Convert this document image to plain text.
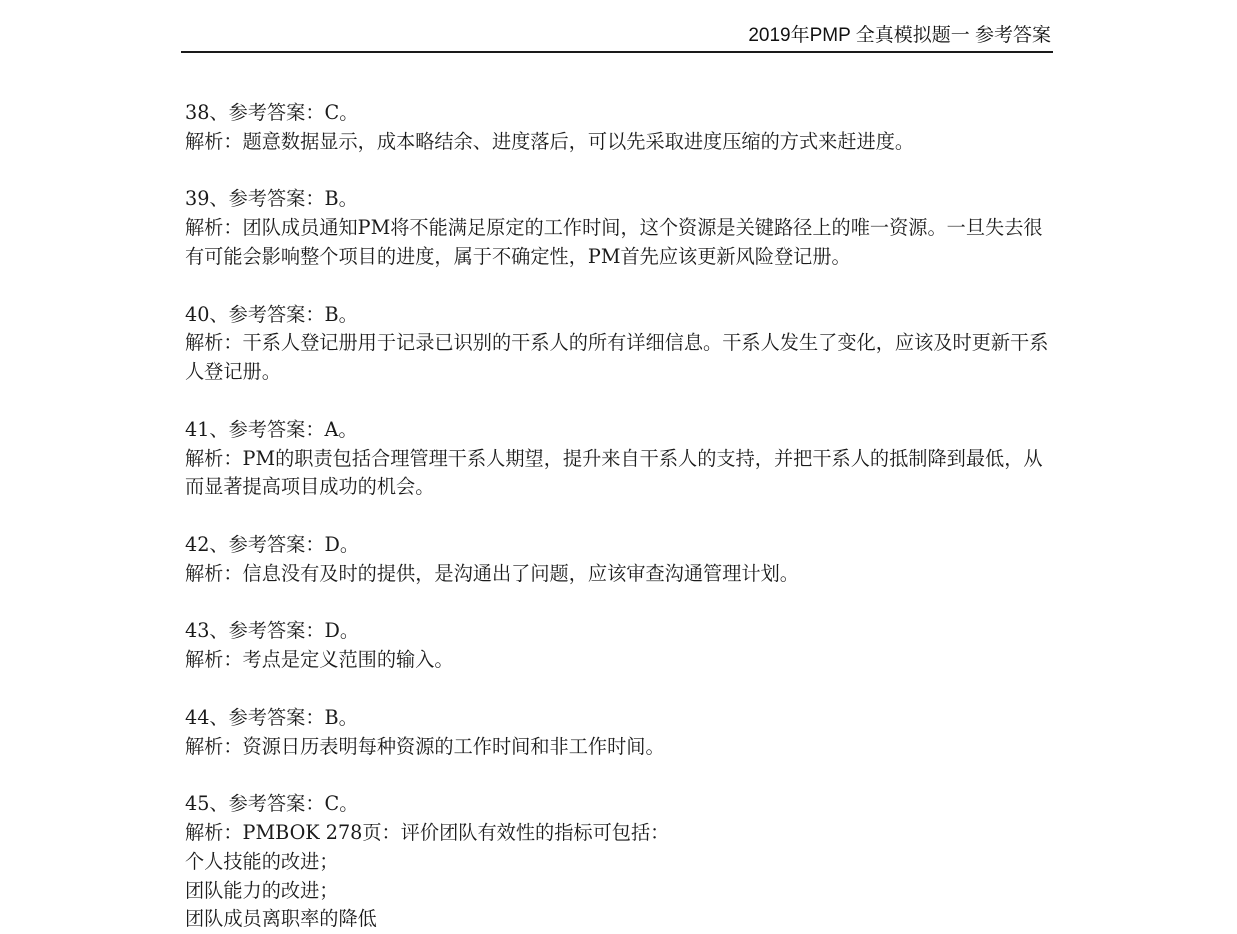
2019年PMP 全真模拟题一 参考答案
38、参考答案：C。
解析：题意数据显示，成本略结余、进度落后，可以先采取进度压缩的方式来赶进度。
39、参考答案：B。
解析：团队成员通知PM将不能满足原定的工作时间，这个资源是关键路径上的唯一资源。一旦失去很有可能会影响整个项目的进度，属于不确定性，PM首先应该更新风险登记册。
40、参考答案：B。
解析：干系人登记册用于记录已识别的干系人的所有详细信息。干系人发生了变化，应该及时更新干系人登记册。
41、参考答案：A。
解析：PM的职责包括合理管理干系人期望，提升来自干系人的支持，并把干系人的抵制降到最低，从而显著提高项目成功的机会。
42、参考答案：D。
解析：信息没有及时的提供，是沟通出了问题，应该审查沟通管理计划。
43、参考答案：D。
解析：考点是定义范围的输入。
44、参考答案：B。
解析：资源日历表明每种资源的工作时间和非工作时间。
45、参考答案：C。
解析：PMBOK 278页：评价团队有效性的指标可包括：
个人技能的改进；
团队能力的改进；
团队成员离职率的降低
